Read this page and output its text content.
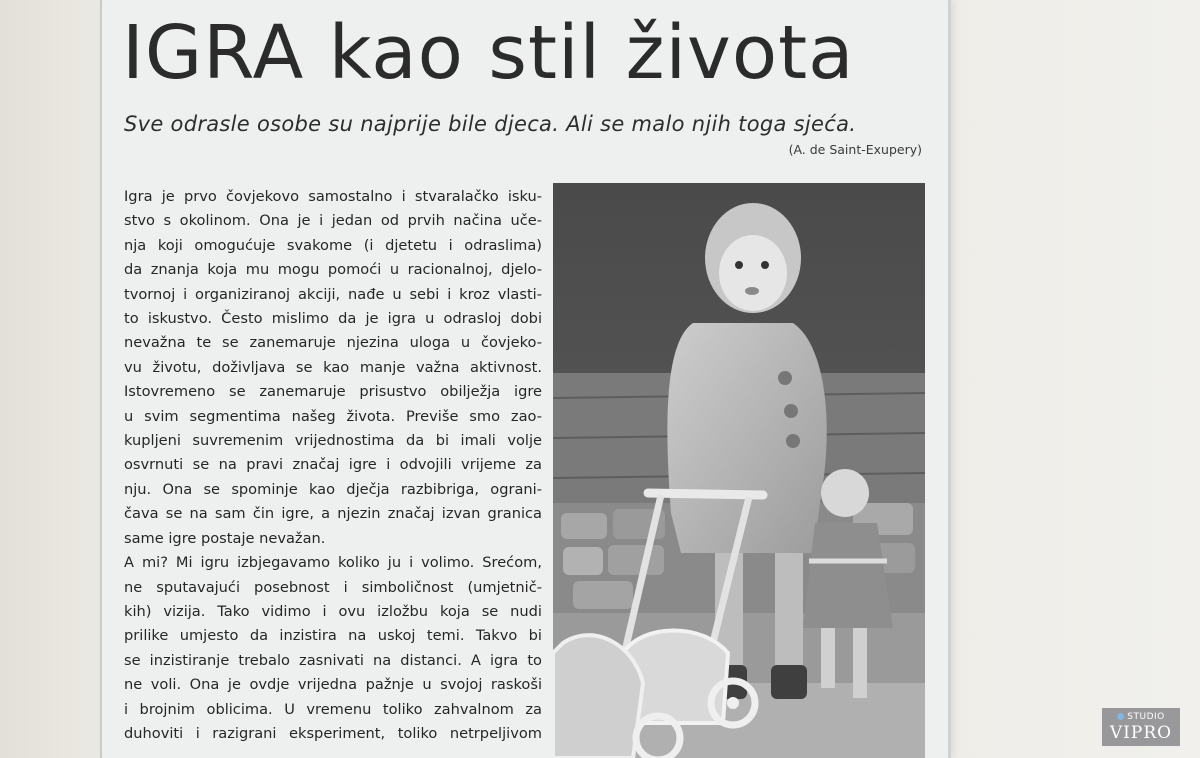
IGRA kao stil života
Sve odrasle osobe su najprije bile djeca. Ali se malo njih toga sjeća.
(A. de Saint-Exupery)
Igra je prvo čovjekovo samostalno i stvaralačko isku-
stvo s okolinom. Ona je i jedan od prvih načina uče-
nja koji omogućuje svakome (i djetetu i odraslima)
da znanja koja mu mogu pomoći u racionalnoj, djelo-
tvornoj i organiziranoj akciji, nađe u sebi i kroz vlasti-
to iskustvo. Često mislimo da je igra u odrasloj dobi
nevažna te se zanemaruje njezina uloga u čovjeko-
vu životu, doživljava se kao manje važna aktivnost.
Istovremeno se zanemaruje prisustvo obilježja igre
u svim segmentima našeg života. Previše smo zao-
kupljeni suvremenim vrijednostima da bi imali volje
osvrnuti se na pravi značaj igre i odvojili vrijeme za
nju. Ona se spominje kao dječja razbibriga, ograni-
čava se na sam čin igre, a njezin značaj izvan granica
same igre postaje nevažan.
A mi? Mi igru izbjegavamo koliko ju i volimo. Srećom,
ne sputavajući posebnost i simboličnost (umjetnič-
kih) vizija. Tako vidimo i ovu izložbu koja se nudi
prilike umjesto da inzistira na uskoj temi. Takvo bi
se inzistiranje trebalo zasnivati na distanci. A igra to
ne voli. Ona je ovdje vrijedna pažnje u svojoj raskoši
i brojnim oblicima. U vremenu toliko zahvalnom za
duhoviti i razigrani eksperiment, toliko netrpeljivom
STUDIO
VIPRO
